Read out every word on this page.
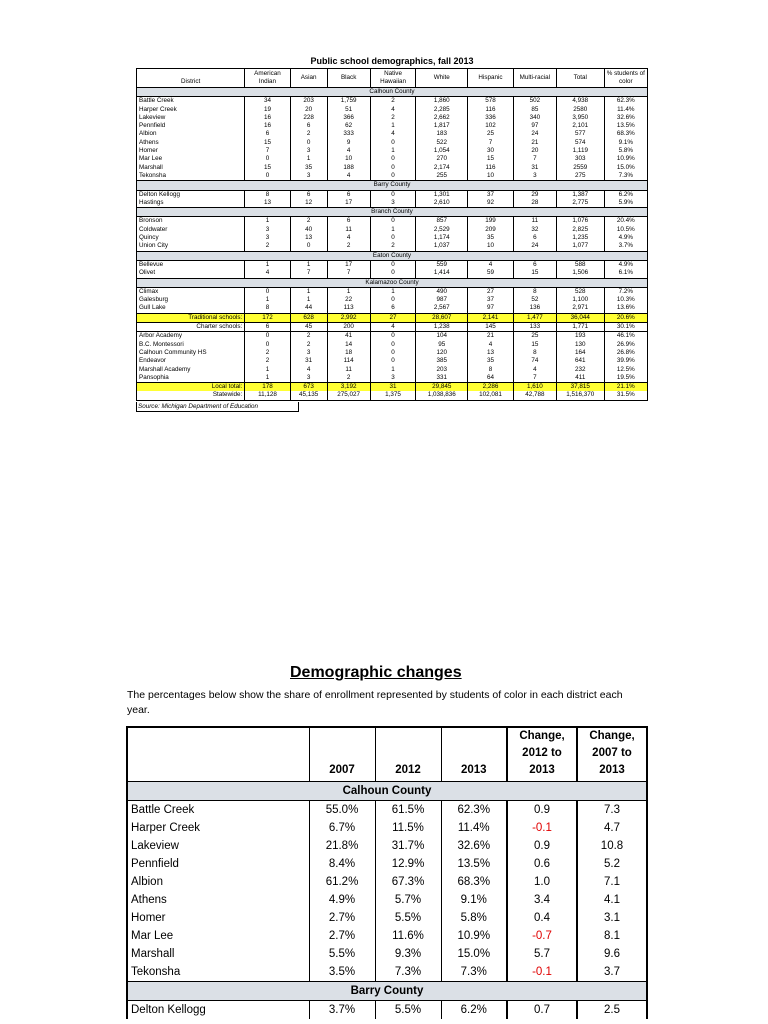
Public school demographics, fall 2013
District	American Indian	Asian	Black	Native Hawaiian	White	Hispanic	Multi-racial	Total	% students of color
Calhoun County									
Battle Creek	34	203	1,759	2	1,860	578	502	4,938	62.3%
Harper Creek	19	20	51	4	2,285	116	85	2580	11.4%
Lakeview	16	228	366	2	2,662	336	340	3,950	32.6%
Pennfield	16	6	62	1	1,817	102	97	2,101	13.5%
Albion	6	2	333	4	183	25	24	577	68.3%
Athens	15	0	9	0	522	7	21	574	9.1%
Homer	7	3	4	1	1,054	30	20	1,119	5.8%
Mar Lee	0	1	10	0	270	15	7	303	10.9%
Marshall	15	35	188	0	2,174	116	31	2559	15.0%
Tekonsha	0	3	4	0	255	10	3	275	7.3%
Barry County									
Delton Kellogg	8	6	6	0	1,301	37	29	1,387	6.2%
Hastings	13	12	17	3	2,610	92	28	2,775	5.9%
Branch County									
Bronson	1	2	6	0	857	199	11	1,076	20.4%
Coldwater	3	40	11	1	2,529	209	32	2,825	10.5%
Quincy	3	13	4	0	1,174	35	6	1,235	4.9%
Union City	2	0	2	2	1,037	10	24	1,077	3.7%
Eaton County									
Bellevue	1	1	17	0	559	4	6	588	4.9%
Olivet	4	7	7	0	1,414	59	15	1,506	6.1%
Kalamazoo County									
Climax	0	1	1	1	490	27	8	528	7.2%
Galesburg	1	1	22	0	987	37	52	1,100	10.3%
Gull Lake	8	44	113	6	2,567	97	136	2,971	13.6%
Traditional schools:	172	628	2,992	27	28,607	2,141	1,477	36,044	20.6%
Charter schools:	6	45	200	4	1,238	145	133	1,771	30.1%
Arbor Academy	0	2	41	0	104	21	25	193	46.1%
B.C. Montessori	0	2	14	0	95	4	15	130	26.9%
Calhoun Community HS	2	3	18	0	120	13	8	164	26.8%
Endeavor	2	31	114	0	385	35	74	641	39.9%
Marshall Academy	1	4	11	1	203	8	4	232	12.5%
Pansophia	1	3	2	3	331	64	7	411	19.5%
Local total:	178	673	3,192	31	29,845	2,286	1,610	37,815	21.1%
Statewide:	11,128	45,135	275,027	1,375	1,038,836	102,081	42,788	1,516,370	31.5%
Source: Michigan Department of Education
Demographic changes
The percentages below show the share of enrollment represented by students of color in each district each year.
	2007	2012	2013	Change, 2012 to 2013	Change, 2007 to 2013
Calhoun County					
Battle Creek	55.0%	61.5%	62.3%	0.9	7.3
Harper Creek	6.7%	11.5%	11.4%	-0.1	4.7
Lakeview	21.8%	31.7%	32.6%	0.9	10.8
Pennfield	8.4%	12.9%	13.5%	0.6	5.2
Albion	61.2%	67.3%	68.3%	1.0	7.1
Athens	4.9%	5.7%	9.1%	3.4	4.1
Homer	2.7%	5.5%	5.8%	0.4	3.1
Mar Lee	2.7%	11.6%	10.9%	-0.7	8.1
Marshall	5.5%	9.3%	15.0%	5.7	9.6
Tekonsha	3.5%	7.3%	7.3%	-0.1	3.7
Barry County					
Delton Kellogg	3.7%	5.5%	6.2%	0.7	2.5
